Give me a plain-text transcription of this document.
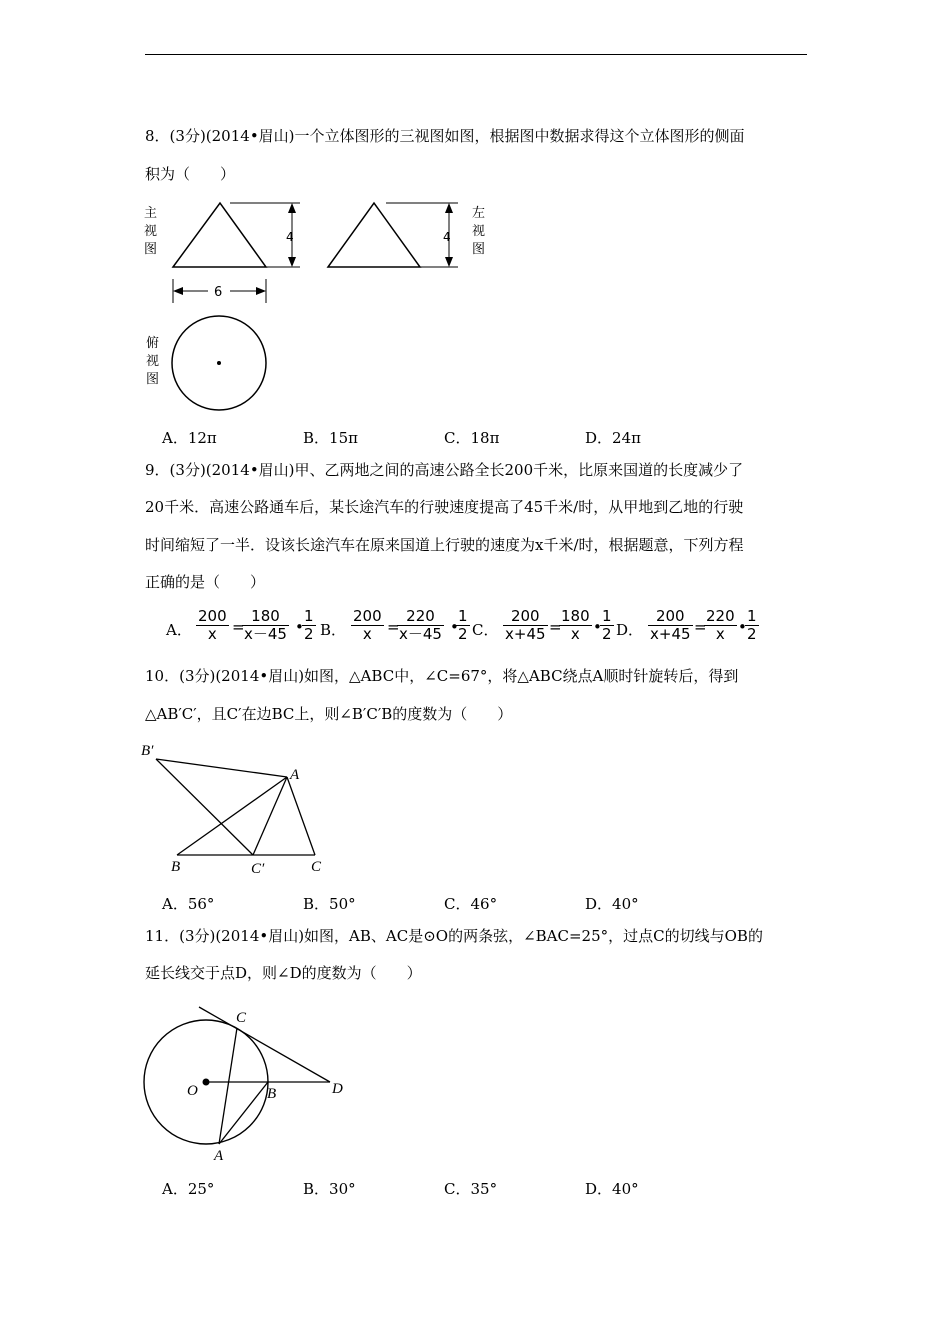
8．(3分)(2014•眉山)一个立体图形的三视图如图，根据图中数据求得这个立体图形的侧面
积为（　　）
4
主
视
图
6
4
左
视
图
俯
视
图
A．12π	B．15π	C．18π	D．24π
9．(3分)(2014•眉山)甲、乙两地之间的高速公路全长200千米，比原来国道的长度减少了
20千米．高速公路通车后，某长途汽车的行驶速度提高了45千米/时，从甲地到乙地的行驶
时间缩短了一半．设该长途汽车在原来国道上行驶的速度为x千米/时，根据题意，下列方程
正确的是（　　）
A． $\frac{200}{x}$ =
$\frac{180}{x-45}$ •
$\frac{1}{2}$ B． $\frac{200}{x}$ =
$\frac{220}{x-45}$ •
$\frac{1}{2}$ C． $\frac{200}{x+45}$ =
$\frac{180}{x}$ •
$\frac{1}{2}$ D． $\frac{200}{x+45}$ =
$\frac{220}{x}$ •
$\frac{1}{2}$
10．(3分)(2014•眉山)如图，△ABC中，∠C=67°，将△ABC绕点A顺时针旋转后，得到
△AB′C′，且C′在边BC上，则∠B′C′B的度数为（　　）
B′
A
B	C′	C
A．56°	B．50°	C．46°	D．40°
11．(3分)(2014•眉山)如图，AB、AC是⊙O的两条弦，∠BAC=25°，过点C的切线与OB的
延长线交于点D，则∠D的度数为（　　）
C
O	B	D
A
A．25°	B．30°	C．35°	D．40°
